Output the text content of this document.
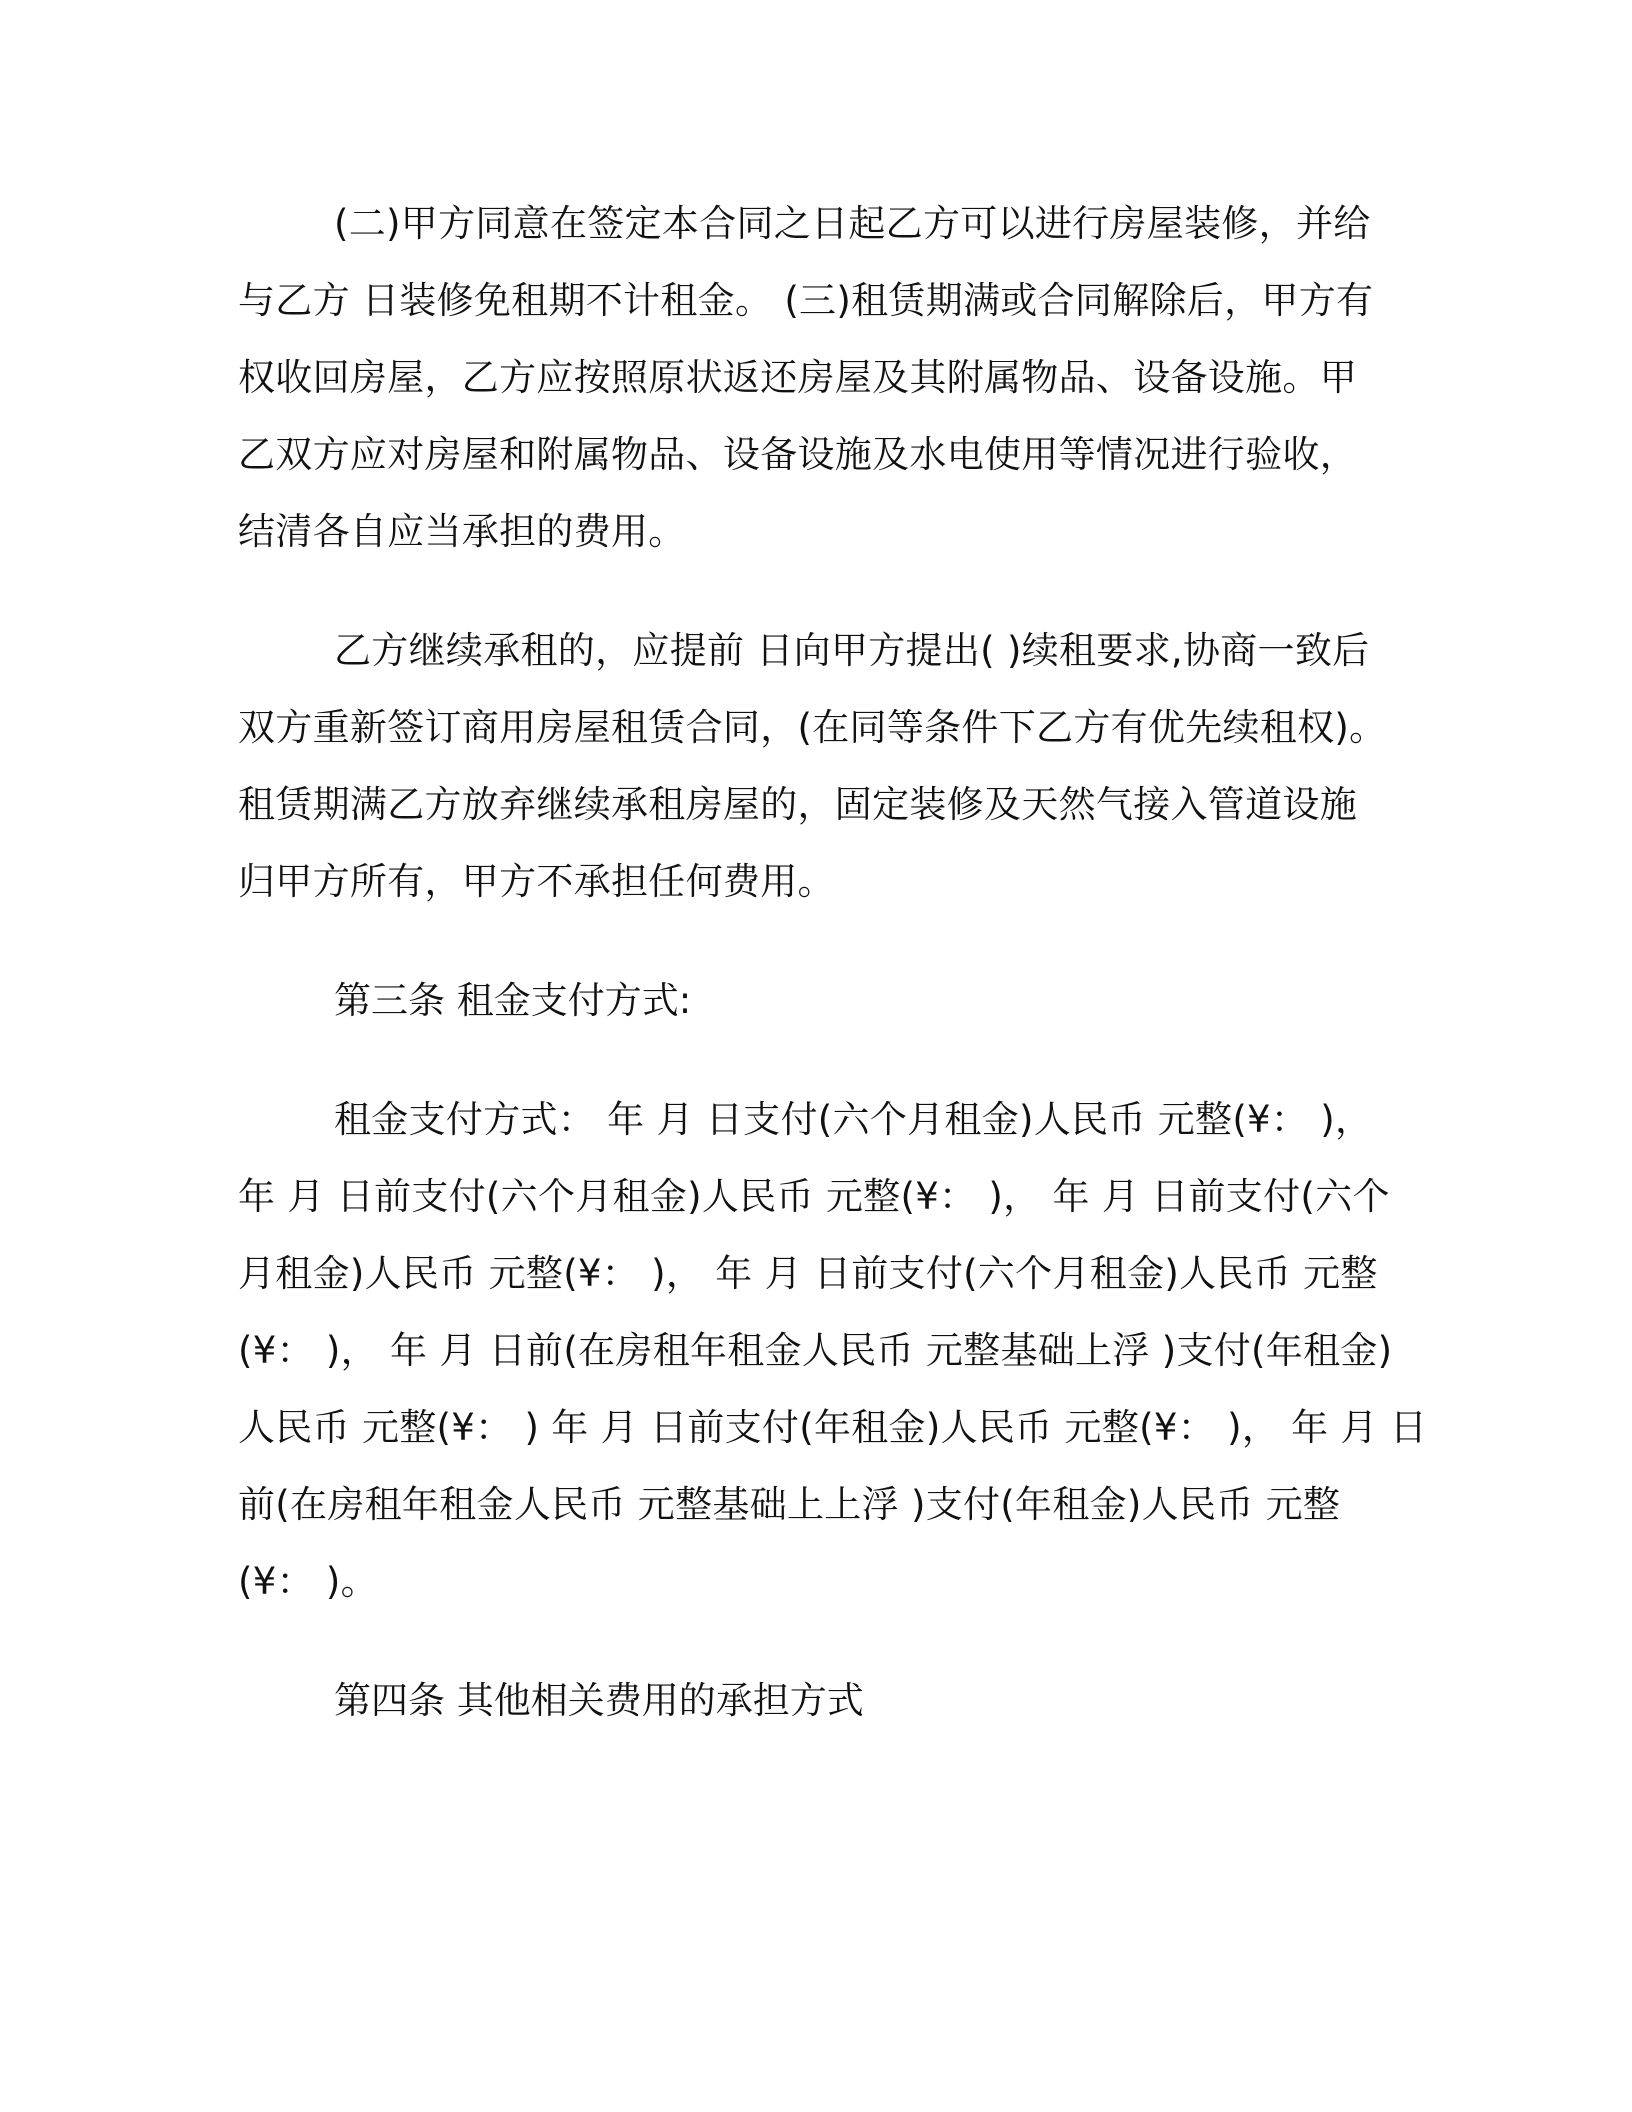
(二)甲方同意在签定本合同之日起乙方可以进行房屋装修，并给
与乙方 日装修免租期不计租金。 (三)租赁期满或合同解除后，甲方有
权收回房屋，乙方应按照原状返还房屋及其附属物品、设备设施。甲
乙双方应对房屋和附属物品、设备设施及水电使用等情况进行验收，
结清各自应当承担的费用。

乙方继续承租的，应提前 日向甲方提出( )续租要求,协商一致后
双方重新签订商用房屋租赁合同，(在同等条件下乙方有优先续租权)。
租赁期满乙方放弃继续承租房屋的，固定装修及天然气接入管道设施
归甲方所有，甲方不承担任何费用。

第三条 租金支付方式:

租金支付方式： 年 月 日支付(六个月租金)人民币 元整(¥： )，
年 月 日前支付(六个月租金)人民币 元整(¥： )， 年 月 日前支付(六个
月租金)人民币 元整(¥： )， 年 月 日前支付(六个月租金)人民币 元整
(¥： )， 年 月 日前(在房租年租金人民币 元整基础上浮 )支付(年租金)
人民币 元整(¥： ) 年 月 日前支付(年租金)人民币 元整(¥： )， 年 月 日
前(在房租年租金人民币 元整基础上上浮 )支付(年租金)人民币 元整
(¥： )。

第四条 其他相关费用的承担方式
